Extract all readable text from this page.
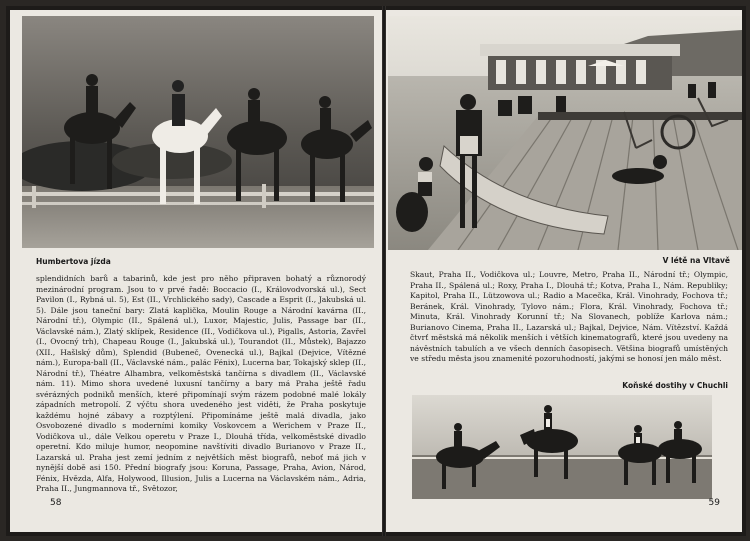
Humbertova jízda

splendidních barů a tabarinů, kde jest pro něho připraven bohatý a různorodý mezinárodní program. Jsou to v prvé řadě: Boccacio (I., Královodvorská ul.), Sect Pavilon (I., Rybná ul. 5), Est (II., Vrchlického sady), Cascade a Esprit (I., Jakubská ul. 5). Dále jsou taneční bary: Zlatá kaplička, Moulin Rouge a Národní kavárna (II., Národní tř.), Olympic (II., Spálená ul.), Luxor, Majestic, Julis, Passage bar (II., Václavské nám.), Zlatý sklípek, Residence (II., Vodičkova ul.), Pigalls, Astoria, Zavřel (I., Ovocný trh), Chapeau Rouge (I., Jakubská ul.), Tourandot (II., Můstek), Bajazzo (XII., Hašlský dům), Splendid (Bubeneč, Ovenecká ul.), Bajkal (Dejvice, Vítězné nám.), Europa-ball (II., Václavské nám., palác Fénix), Lucerna bar, Tokajský sklep (II., Národní tř.), Théatre Alhambra, velkoměstská tančírna s divadlem (II., Václavské nám. 11). Mimo shora uvedené luxusní tančírny a bary má Praha ještě řadu svérázných podniků menších, které připomínají svým rázem podobné malé lokály západních metropolí. Z výčtu shora uvedeného jest viděti, že Praha poskytuje každému hojné zábavy a rozptýlení. Připomínáme ještě malá divadla, jako Osvobozené divadlo s moderními komiky Voskovcem a Werichem v Praze II., Vodičkova ul., dále Velkou operetu v Praze I., Dlouhá třída, velkoměstské divadlo operetní. Kdo miluje humor, neopomine navštíviti divadlo Burianovo v Praze II., Lazarská ul. Praha jest zemí jedním z největších měst biografů, neboť má jich v nynější době asi 150. Přední biografy jsou: Koruna, Passage, Praha, Avion, Národ, Fénix, Hvězda, Alfa, Holywood, Illusion, Julis a Lucerna na Václavském nám., Adria, Praha II., Jungmannova tř., Světozor,

58
V létě na Vltavě

Skaut, Praha II., Vodičkova ul.; Louvre, Metro, Praha II., Národní tř.; Olympic, Praha II., Spálená ul.; Roxy, Praha I., Dlouhá tř.; Kotva, Praha I., Nám. Republiky; Kapitol, Praha II., Lützowova ul.; Radio a Macečka, Král. Vinohrady, Fochova tř.; Beránek, Král. Vinohrady, Tylovo nám.; Flora, Král. Vinohrady, Fochova tř.; Minuta, Král. Vinohrady Korunní tř.; Na Slovanech, poblíže Karlova nám.; Burianovo Cinema, Praha II., Lazarská ul.; Bajkal, Dejvice, Nám. Vítězství. Každá čtvrť městská má několik menších i větších kinematografů, které jsou uvedeny na návěstních tabulích a ve všech denních časopisech. Většina biografů umístěných ve středu města jsou znamenité pozoruhodností, jakými se honosí jen málo měst.

Koňské dostihy v Chuchli
59
